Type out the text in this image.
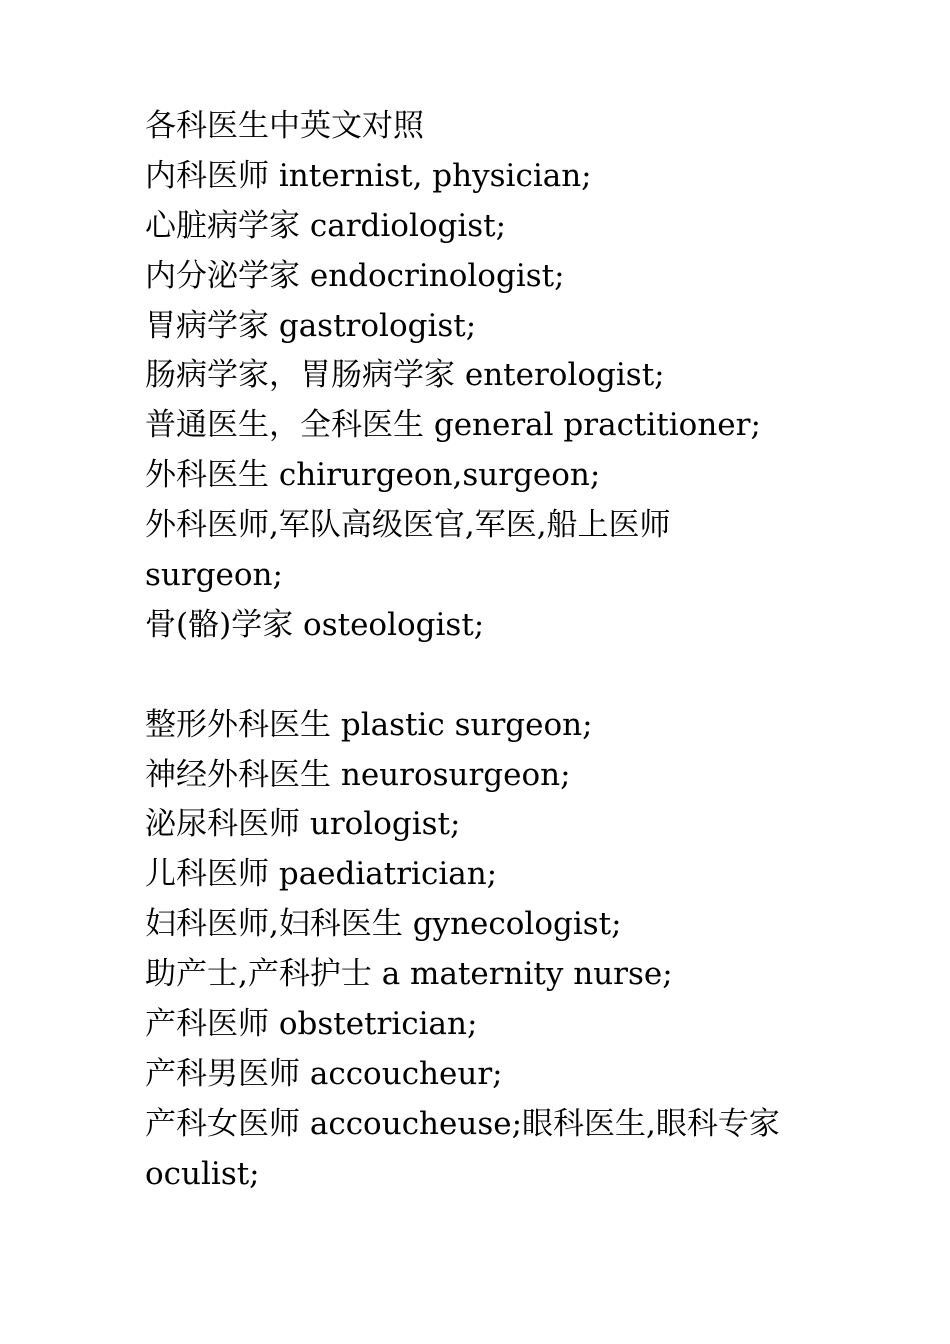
各科医生中英文对照
内科医师 internist, physician;
心脏病学家 cardiologist;
内分泌学家 endocrinologist;
胃病学家 gastrologist;
肠病学家，胃肠病学家 enterologist;
普通医生，全科医生 general practitioner;
外科医生 chirurgeon,surgeon;
外科医师,军队高级医官,军医,船上医师
surgeon;
骨(骼)学家 osteologist;
整形外科医生 plastic surgeon;
神经外科医生 neurosurgeon;
泌尿科医师 urologist;
儿科医师 paediatrician;
妇科医师,妇科医生 gynecologist;
助产士,产科护士 a maternity nurse;
产科医师 obstetrician;
产科男医师 accoucheur;
产科女医师 accoucheuse;眼科医生,眼科专家
oculist;
